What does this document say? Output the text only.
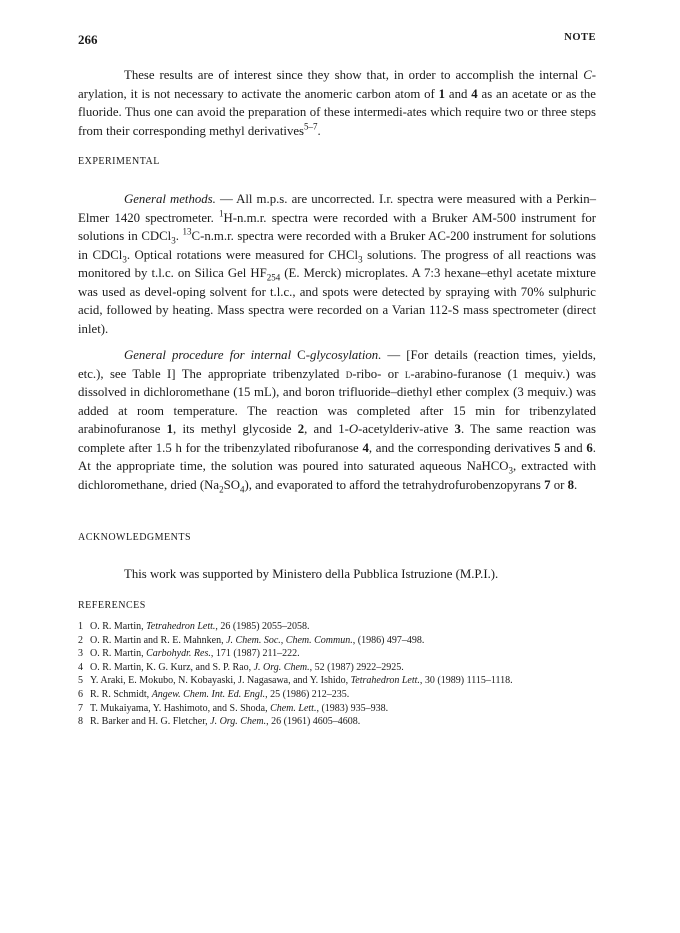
266	NOTE

These results are of interest since they show that, in order to accomplish the internal C-arylation, it is not necessary to activate the anomeric carbon atom of 1 and 4 as an acetate or as the fluoride. Thus one can avoid the preparation of these intermedi-ates which require two or three steps from their corresponding methyl derivatives$^{5-7}$.

EXPERIMENTAL

General methods. — All m.p.s. are uncorrected. I.r. spectra were measured with a Perkin–Elmer 1420 spectrometer. $^1$H-n.m.r. spectra were recorded with a Bruker AM-500 instrument for solutions in CDCl$_3$. $^{13}$C-n.m.r. spectra were recorded with a Bruker AC-200 instrument for solutions in CDCl$_3$. Optical rotations were measured for CHCl$_3$ solutions. The progress of all reactions was monitored by t.l.c. on Silica Gel $HF_{254}$ (E. Merck) microplates. A 7:3 hexane–ethyl acetate mixture was used as devel-oping solvent for t.l.c., and spots were detected by spraying with 70% sulphuric acid, followed by heating. Mass spectra were recorded on a Varian 112-S mass spectrometer (direct inlet).

General procedure for internal C-glycosylation. — [For details (reaction times, yields, etc.), see Table I] The appropriate tribenzylated d-ribo- or l-arabino-furanose (1 mequiv.) was dissolved in dichloromethane (15 mL), and boron trifluoride–diethyl ether complex (3 mequiv.) was added at room temperature. The reaction was completed after 15 min for tribenzylated arabinofuranose 1, its methyl glycoside 2, and 1-O-acetylderiv-ative 3. The same reaction was complete after 1.5 h for the tribenzylated ribofuranose 4, and the corresponding derivatives 5 and 6. At the appropriate time, the solution was poured into saturated aqueous NaHCO$_3$, extracted with dichloromethane, dried $(Na_2SO_4)$, and evaporated to afford the tetrahydrofurobenzopyrans 7 or 8.

ACKNOWLEDGMENTS

This work was supported by Ministero della Pubblica Istruzione (M.P.I.).

REFERENCES
1 O. R. Martin, Tetrahedron Lett., 26 (1985) 2055–2058.
2 O. R. Martin and R. E. Mahnken, J. Chem. Soc., Chem. Commun., (1986) 497–498.
3 O. R. Martin, Carbohydr. Res., 171 (1987) 211–222.
4 O. R. Martin, K. G. Kurz, and S. P. Rao, J. Org. Chem., 52 (1987) 2922–2925.
5 Y. Araki, E. Mokubo, N. Kobayaski, J. Nagasawa, and Y. Ishido, Tetrahedron Lett., 30 (1989) 1115–1118.
6 R. R. Schmidt, Angew. Chem. Int. Ed. Engl., 25 (1986) 212–235.
7 T. Mukaiyama, Y. Hashimoto, and S. Shoda, Chem. Lett., (1983) 935–938.
8 R. Barker and H. G. Fletcher, J. Org. Chem., 26 (1961) 4605–4608.
